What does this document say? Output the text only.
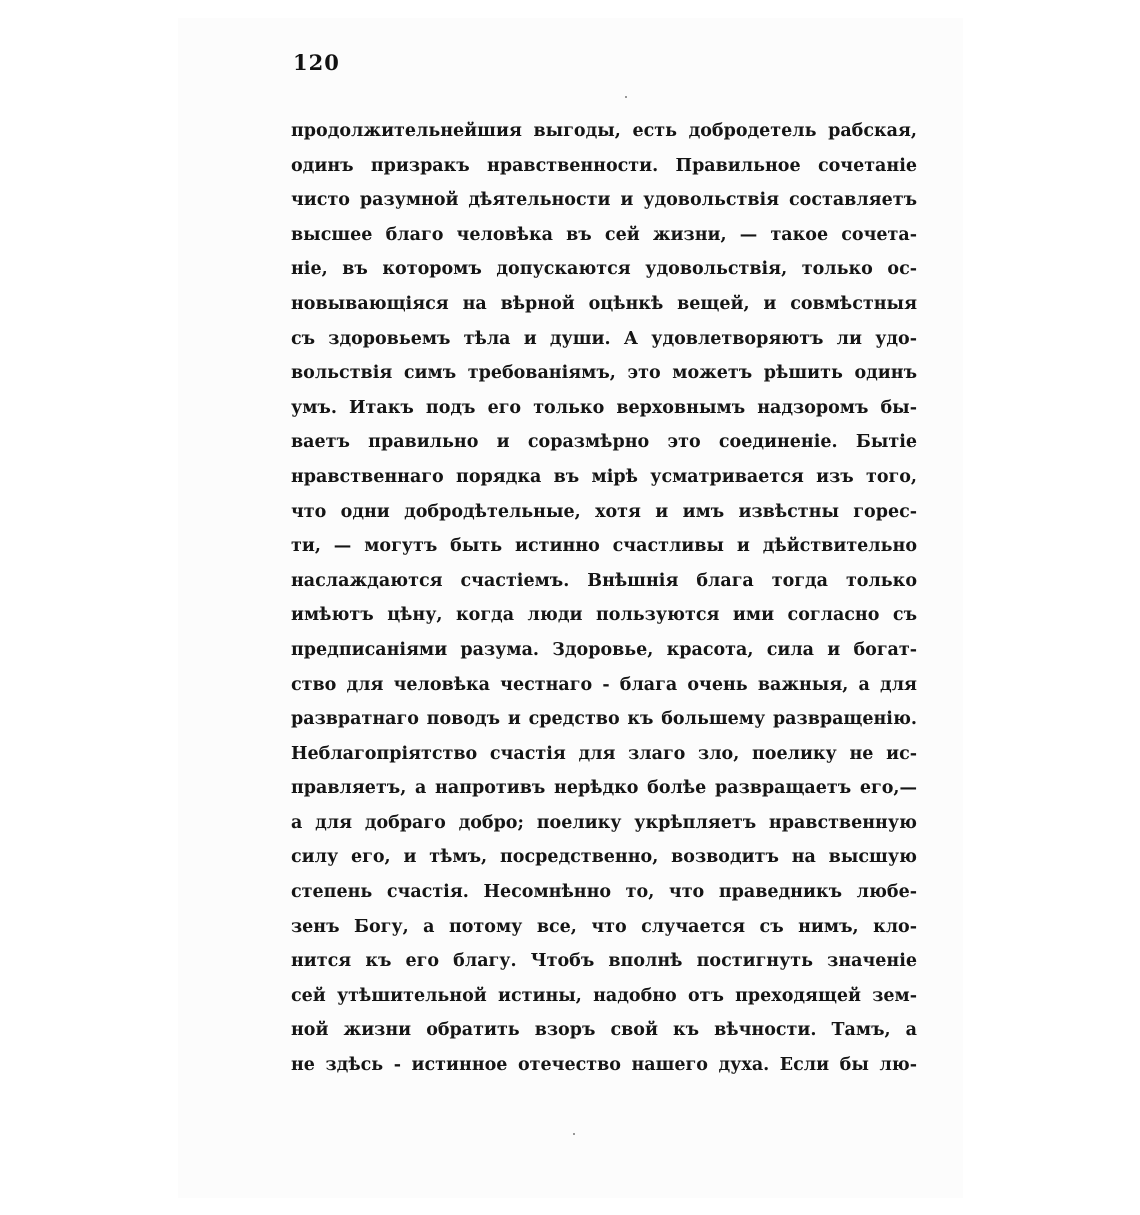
120
продолжительнейшия выгоды, есть добродетель рабская,
одинъ призракъ нравственности. Правильное сочетаніе
чисто разумной дѣятельности и удовольствія составляетъ
высшее благо человѣка въ сей жизни, — такое сочета-
ніе, въ которомъ допускаются удовольствія, только ос-
новывающіяся на вѣрной оцѣнкѣ вещей, и совмѣстныя
съ здоровьемъ тѣла и души. А удовлетворяютъ ли удо-
вольствія симъ требованіямъ, это можетъ рѣшить одинъ
умъ. Итакъ подъ его только верховнымъ надзоромъ бы-
ваетъ правильно и соразмѣрно это соединеніе. Бытіе
нравственнаго порядка въ мірѣ усматривается изъ того,
что одни добродѣтельные, хотя и имъ извѣстны горес-
ти, — могутъ быть истинно счастливы и дѣйствительно
наслаждаются счастіемъ. Внѣшнія блага тогда только
имѣютъ цѣну, когда люди пользуются ими согласно съ
предписаніями разума. Здоровье, красота, сила и богат-
ство для человѣка честнаго - блага очень важныя, а для
развратнаго поводъ и средство къ большему развращенію.
Неблагопріятство счастія для злаго зло, поелику не ис-
правляетъ, а напротивъ нерѣдко болѣе развращаетъ его,—
а для добраго добро; поелику укрѣпляетъ нравственную
силу его, и тѣмъ, посредственно, возводитъ на высшую
степень счастія. Несомнѣнно то, что праведникъ любе-
зенъ Богу, а потому все, что случается съ нимъ, кло-
нится къ его благу. Чтобъ вполнѣ постигнуть значеніе
сей утѣшительной истины, надобно отъ преходящей зем-
ной жизни обратить взоръ свой къ вѣчности. Тамъ, а
не здѣсь - истинное отечество нашего духа. Если бы лю-
